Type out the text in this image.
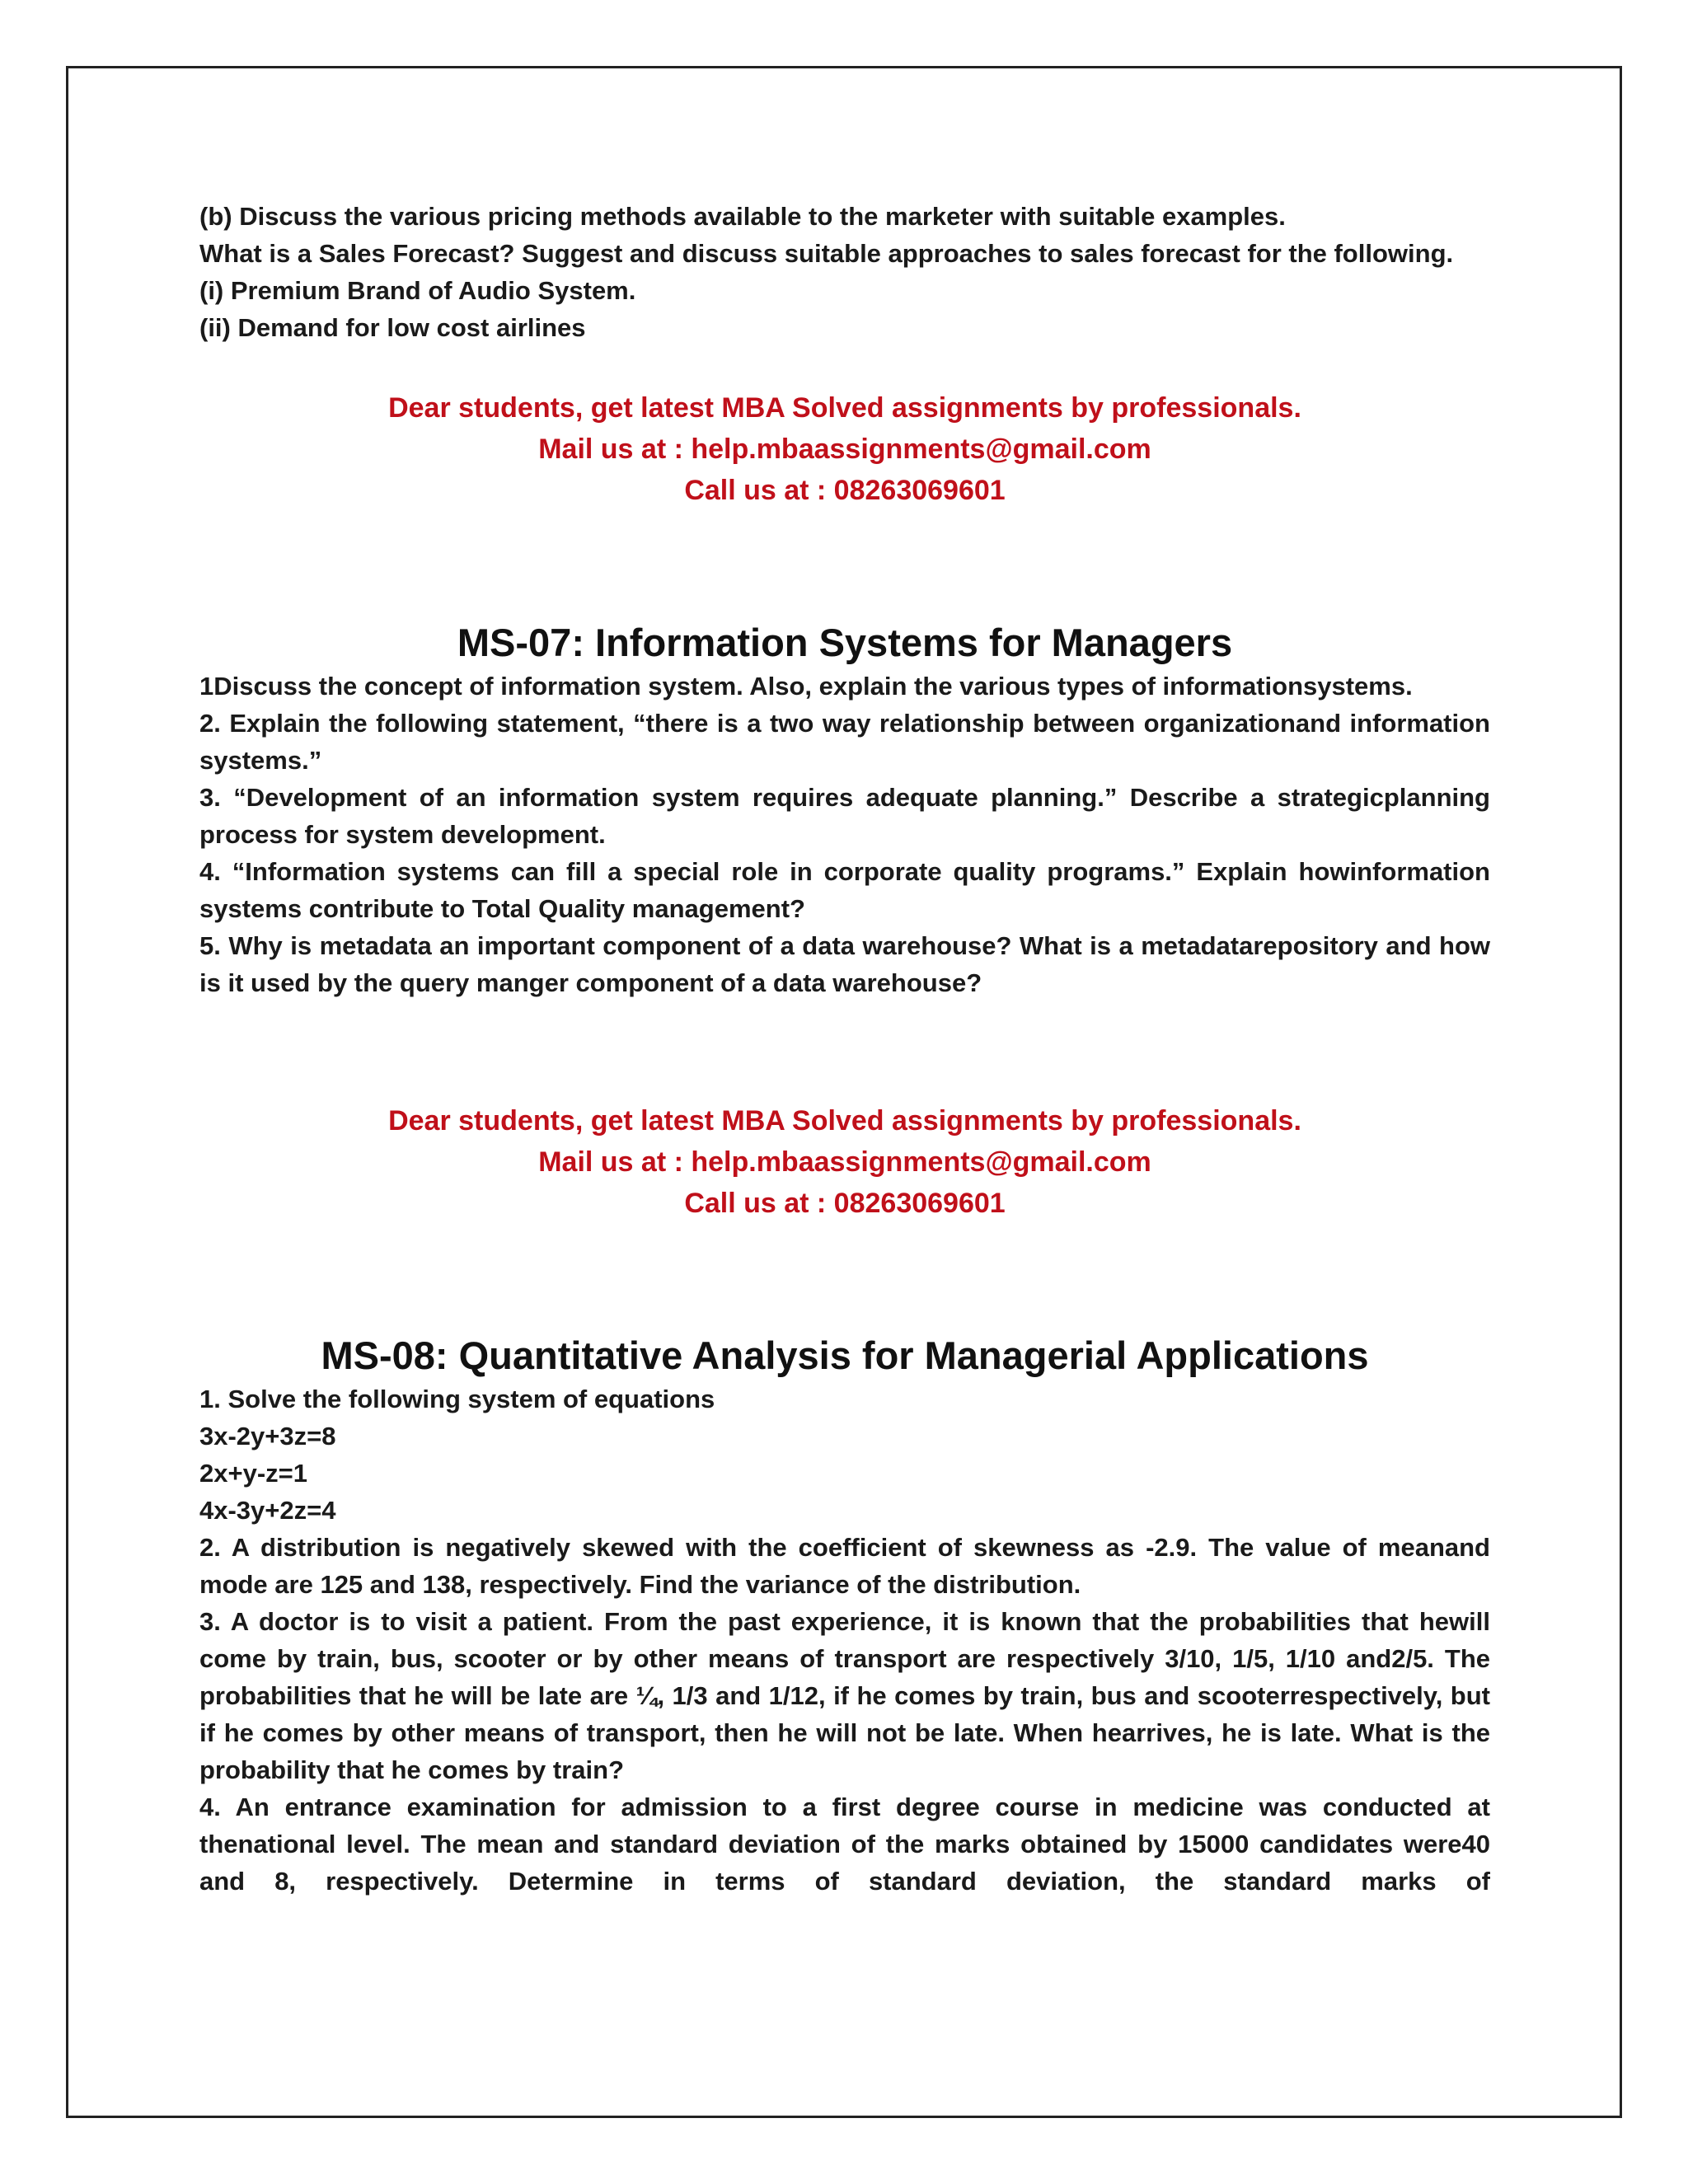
(b) Discuss the various pricing methods available to the marketer with suitable examples.

What is a Sales Forecast? Suggest and discuss suitable approaches to sales forecast for the following.

(i) Premium Brand of Audio System.

(ii) Demand for low cost airlines

Dear students, get latest MBA Solved assignments by professionals.

Mail us at : help.mbaassignments@gmail.com

Call us at : 08263069601

MS-07: Information Systems for Managers

1Discuss the concept of information system. Also, explain the various types of informationsystems.

2. Explain the following statement, “there is a two way relationship between organizationand information systems.”

3. “Development of an information system requires adequate planning.” Describe a strategicplanning process for system development.

4. “Information systems can fill a special role in corporate quality programs.” Explain howinformation systems contribute to Total Quality management?

5. Why is metadata an important component of a data warehouse? What is a metadatarepository and how is it used by the query manger component of a data warehouse?

Dear students, get latest MBA Solved assignments by professionals.

Mail us at : help.mbaassignments@gmail.com

Call us at : 08263069601

MS-08: Quantitative Analysis for Managerial Applications

1. Solve the following system of equations

3x-2y+3z=8

2x+y-z=1

4x-3y+2z=4

2. A distribution is negatively skewed with the coefficient of skewness as -2.9. The value of meanand mode are 125 and 138, respectively. Find the variance of the distribution.

3. A doctor is to visit a patient. From the past experience, it is known that the probabilities that hewill come by train, bus, scooter or by other means of transport are respectively 3/10, 1/5, 1/10 and2/5. The probabilities that he will be late are ¼, 1/3 and 1/12, if he comes by train, bus and scooterrespectively, but if he comes by other means of transport, then he will not be late. When hearrives, he is late. What is the probability that he comes by train?

4. An entrance examination for admission to a first degree course in medicine was conducted at thenational level. The mean and standard deviation of the marks obtained by 15000 candidates were40 and 8, respectively. Determine in terms of standard deviation, the standard marks of
